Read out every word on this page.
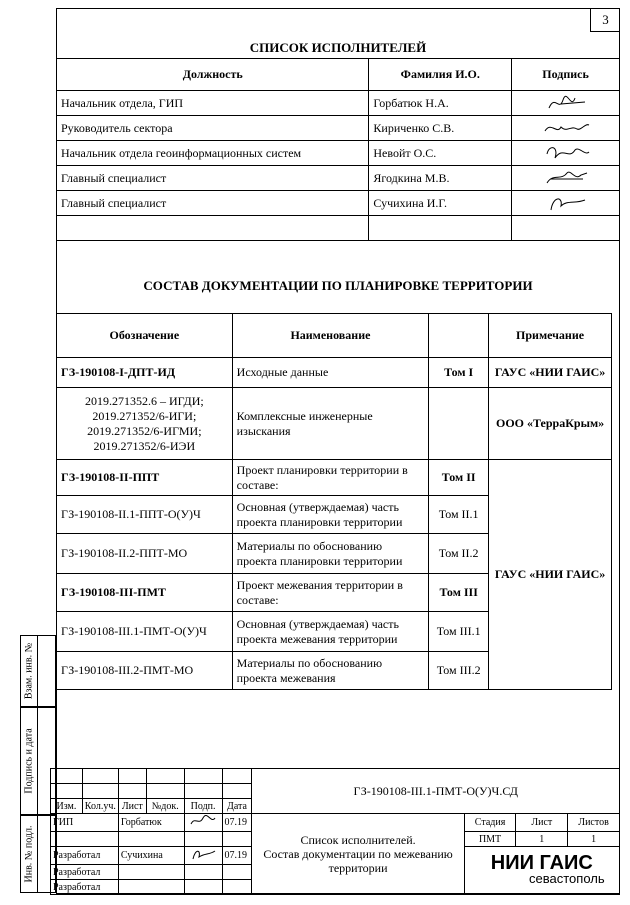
3
СПИСОК ИСПОЛНИТЕЛЕЙ
Должность	Фамилия И.О.	Подпись
Начальник отдела, ГИП	Горбатюк Н.А.	

Руководитель сектора	Кириченко С.В.	

Начальник отдела геоинформационных систем	Невойт О.С.	

Главный специалист	Ягодкина М.В.	

Главный специалист	Сучихина И.Г.	

СОСТАВ ДОКУМЕНТАЦИИ ПО ПЛАНИРОВКЕ ТЕРРИТОРИИ
Обозначение	Наименование		Примечание
ГЗ-190108-I-ДПТ-ИД	Исходные данные	Том I	ГАУС «НИИ ГАИС»
2019.271352.6 – ИГДИ;
2019.271352/6-ИГИ;
2019.271352/6-ИГМИ;
2019.271352/6-ИЭИ	Комплексные инженерные изыскания		ООО «ТерраКрым»
ГЗ-190108-II-ППТ	Проект планировки территории в составе:	Том II	ГАУС «НИИ ГАИС»
ГЗ-190108-II.1-ППТ-О(У)Ч	Основная (утверждаемая) часть проекта планировки территории	Том II.1	
ГЗ-190108-II.2-ППТ-МО	Материалы по обоснованию проекта планировки территории	Том II.2	
ГЗ-190108-III-ПМТ	Проект межевания территории в составе:	Том III	
ГЗ-190108-III.1-ПМТ-О(У)Ч	Основная (утверждаемая) часть проекта межевания территории	Том III.1	
ГЗ-190108-III.2-ПМТ-МО	Материалы по обоснованию проекта межевания	Том III.2	
Взам. инв. №
Подпись и дата
Инв. № подл.
						ГЗ-190108-III.1-ПМТ-О(У)Ч.СД			

Изм.	Кол.уч.	Лист	№док.	Подп.	Дата				
ГИП		Горбатюк			07.19	Список исполнителей.
Состав документации по межеванию
территории	Стадия	Лист	Листов
							ПМТ	1	1
Разработал		Сучихина			07.19		НИИ ГАИС
севастополь		

Разработал									
Разработал									
